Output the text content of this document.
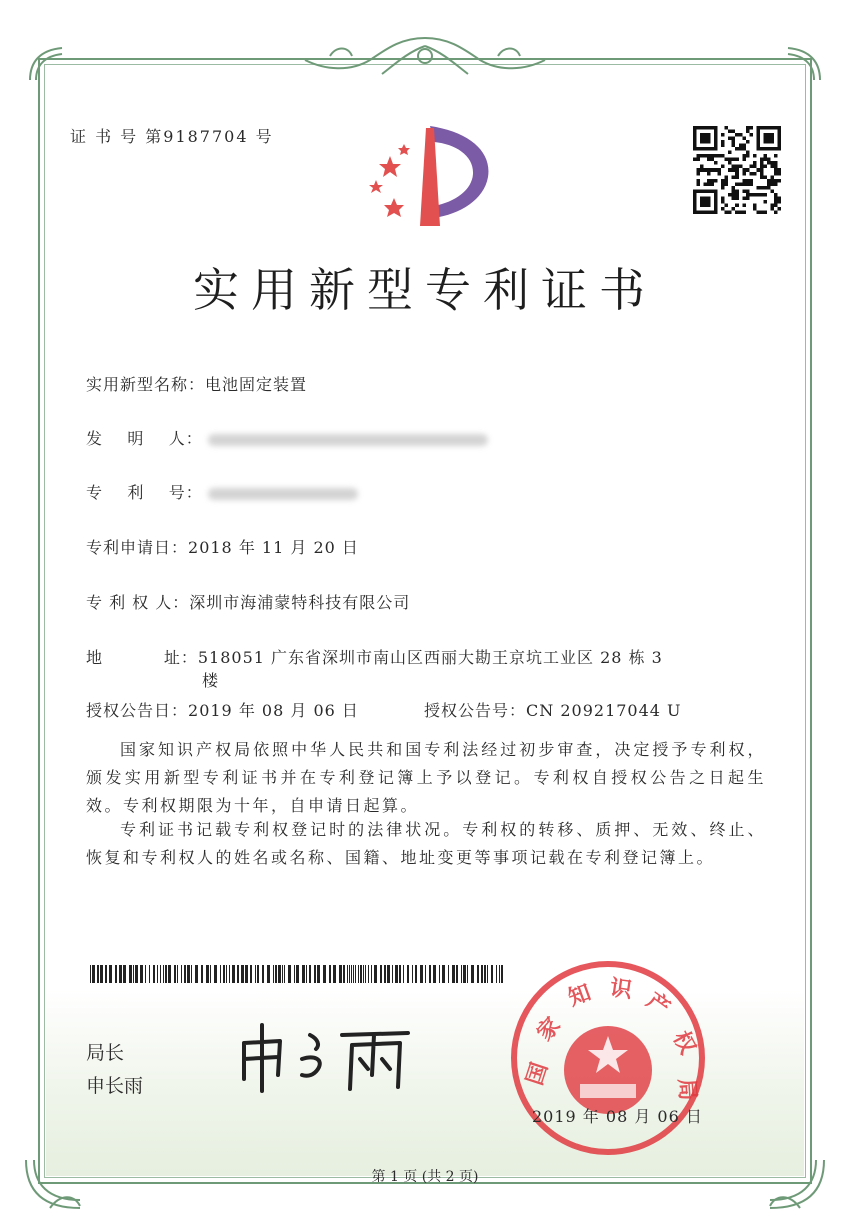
证 书 号 第9187704 号
实用新型专利证书
实用新型名称：电池固定装置
发    明    人：
专    利    号：
专利申请日：2018 年 11 月 20 日
专 利 权 人：深圳市海浦蒙特科技有限公司
地          址：518051 广东省深圳市南山区西丽大勘王京坑工业区 28 栋 3
楼
授权公告日：2019 年 08 月 06 日	授权公告号：CN 209217044 U
国家知识产权局依照中华人民共和国专利法经过初步审查，决定授予专利权，颁发实用新型专利证书并在专利登记簿上予以登记。专利权自授权公告之日起生效。专利权期限为十年，自申请日起算。
专利证书记载专利权登记时的法律状况。专利权的转移、质押、无效、终止、恢复和专利权人的姓名或名称、国籍、地址变更等事项记载在专利登记簿上。
局长
申长雨	国
家
知 识 产
权
局
2019 年 08 月 06 日
第 1 页 (共 2 页)
